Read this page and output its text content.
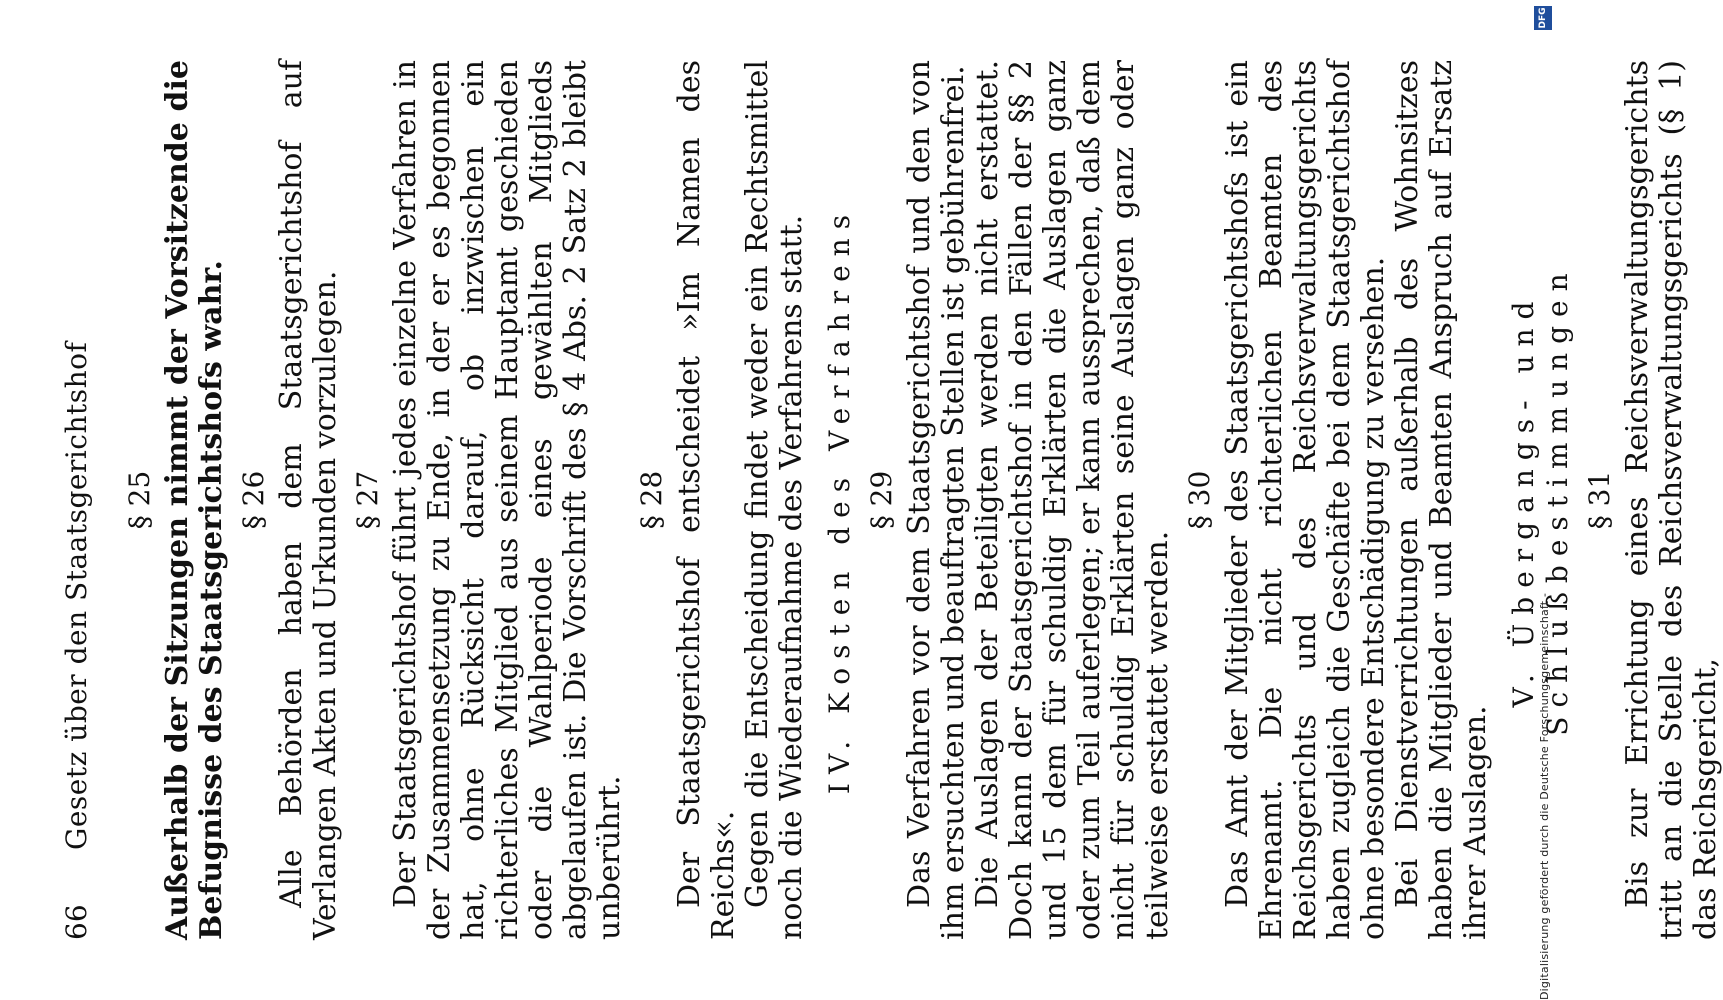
66
Gesetz über den Staatsgerichtshof § 25 Außerhalb der Sitzungen nimmt der Vorsitzende die Befugnisse des Staatsgerichtshofs wahr. § 26 Alle Behörden haben dem Staatsgerichtshof auf Verlangen Akten und Urkunden vorzulegen. § 27 Der Staatsgerichtshof führt jedes einzelne Verfahren in der Zusammensetzung zu Ende, in der er es begonnen hat, ohne Rücksicht darauf, ob inzwischen ein richterliches Mitglied aus seinem Hauptamt geschieden oder die Wahlperiode eines gewählten Mitglieds abgelaufen ist. Die Vorschrift des § 4 Abs. 2 Satz 2 bleibt unberührt.

§ 28 Der Staatsgerichtshof entscheidet »Im Namen des Reichs«. Gegen die Entscheidung findet weder ein Rechtsmittel noch die Wiederaufnahme des Verfahrens statt. IV. Kosten des Verfahrens § 29 Das Verfahren vor dem Staatsgerichtshof und den von ihm ersuchten und beauftragten Stellen ist gebührenfrei. Die Auslagen der Beteiligten werden nicht erstattet. Doch kann der Staatsgerichtshof in den Fällen der §§ 2 und 15 dem für schuldig Erklärten die Auslagen ganz oder zum Teil auferlegen; er kann aussprechen, daß dem nicht für schuldig Erklärten seine Auslagen ganz oder teilweise erstattet werden.

§ 30 Das Amt der Mitglieder des Staatsgerichtshofs ist ein Ehrenamt. Die nicht richterlichen Beamten des Reichsgerichts und des Reichsverwaltungsgerichts haben zugleich die Geschäfte bei dem Staatsgerichtshof ohne besondere Entschädigung zu versehen. Bei Dienstverrichtungen außerhalb des Wohnsitzes haben die Mitglieder und Beamten Anspruch auf Ersatz ihrer Auslagen.

V. Übergangs- und Schlußbestimmungen § 31 Bis zur Errichtung eines Reichsverwaltungsgerichts tritt an die Stelle des Reichsverwaltungsgerichts (§ 1) das Reichsgericht,

Digitalisierung gefördert durch die Deutsche Forschungsgemeinschaft -
DFG
